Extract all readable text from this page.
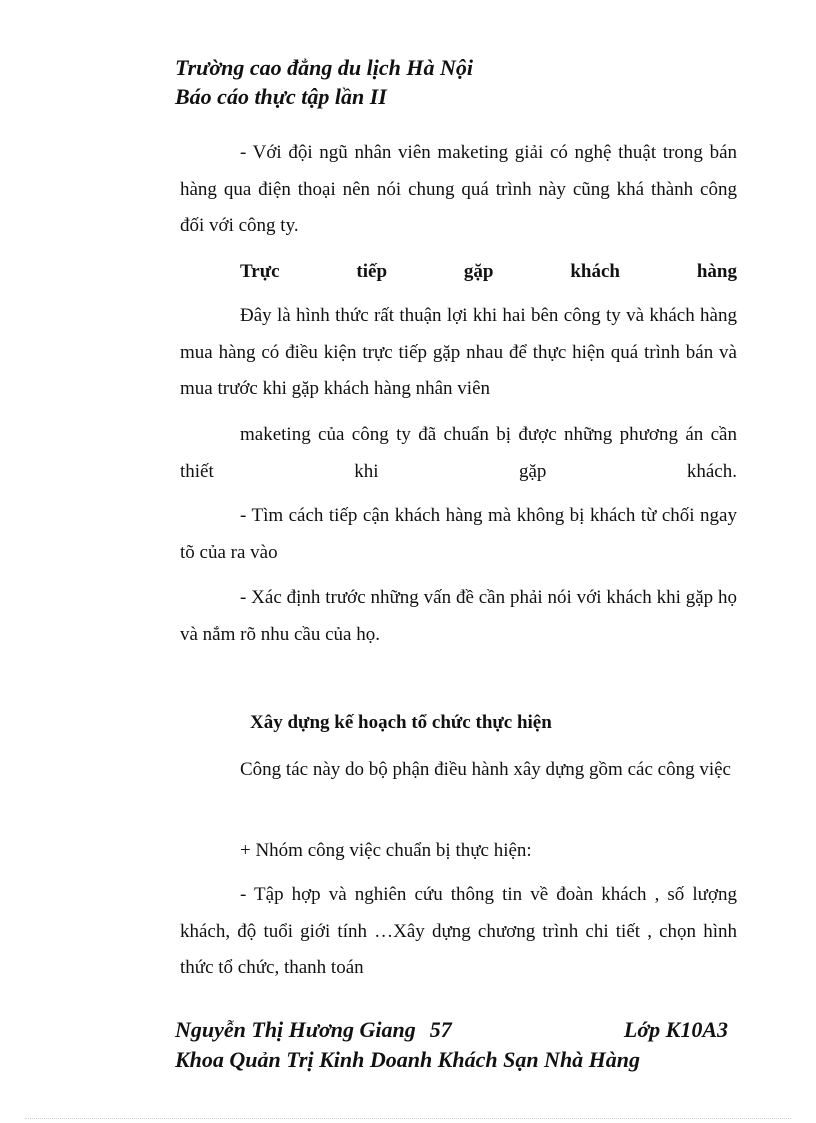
Trường cao đẳng du lịch Hà Nội
Báo cáo thực tập lần II
- Với đội ngũ nhân viên maketing giải có nghệ thuật trong bán hàng qua điện thoại nên nói chung quá trình này cũng khá thành công đối với công ty.
Trực tiếp gặp khách hàng
Đây là hình thức rất thuận lợi khi hai bên công ty và khách hàng mua hàng có điều kiện trực tiếp gặp nhau để thực hiện quá trình bán và mua trước khi gặp khách hàng nhân viên
maketing của công ty đã chuẩn bị được những phương án cần thiết khi gặp khách.
- Tìm cách tiếp cận khách hàng mà không bị khách từ chối ngay tõ của ra vào
- Xác định trước những vấn đề cần phải nói với khách khi gặp họ và nắm rõ nhu cầu của họ.
Xây dựng kế hoạch tổ chức thực hiện
Công tác này do bộ phận điều hành xây dựng gồm các công việc
+ Nhóm công việc chuẩn bị thực hiện:
- Tập hợp và nghiên cứu thông tin về đoàn khách , số lượng khách, độ tuổi giới tính …Xây dựng chương trình chi tiết , chọn hình thức tổ chức, thanh toán
Nguyễn Thị Hương Giang 57	Lớp K10A3
Khoa Quản Trị Kinh Doanh Khách Sạn Nhà Hàng
